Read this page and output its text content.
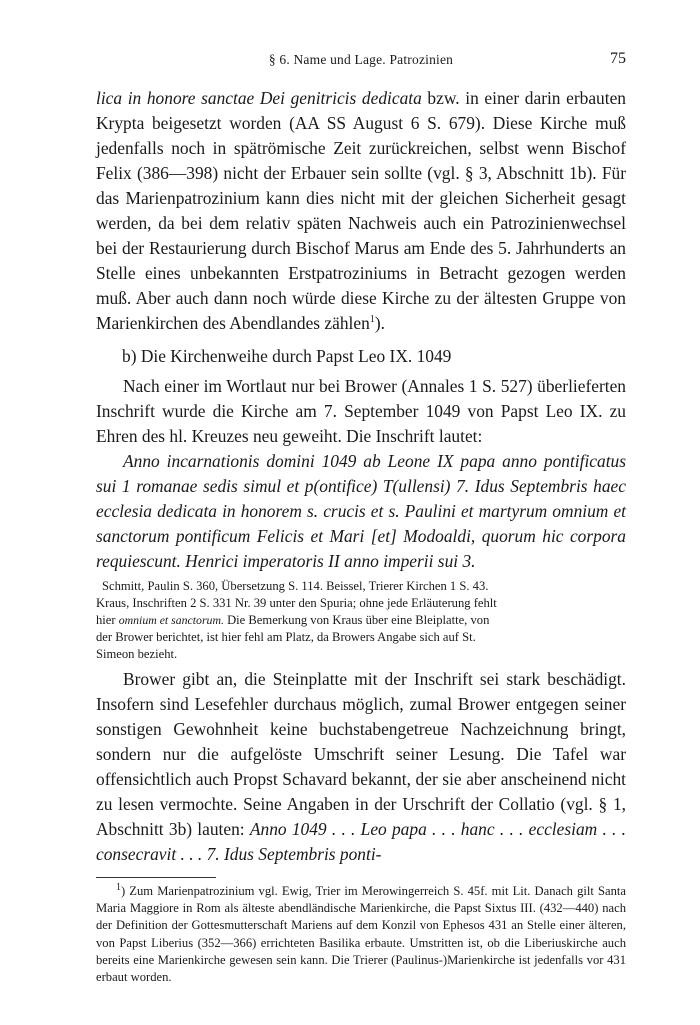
§ 6. Name und Lage. Patrozinien	75

lica in honore sanctae Dei genitricis dedicata bzw. in einer darin erbauten Krypta beigesetzt worden (AA SS August 6 S. 679). Diese Kirche muß jedenfalls noch in spätrömische Zeit zurückreichen, selbst wenn Bischof Felix (386—398) nicht der Erbauer sein sollte (vgl. § 3, Abschnitt 1b). Für das Marienpatrozinium kann dies nicht mit der gleichen Sicherheit gesagt werden, da bei dem relativ späten Nachweis auch ein Patrozinienwechsel bei der Restaurierung durch Bischof Marus am Ende des 5. Jahrhunderts an Stelle eines unbekannten Erstpatroziniums in Betracht gezogen werden muß. Aber auch dann noch würde diese Kirche zu der ältesten Gruppe von Marienkirchen des Abendlandes zählen$^1$).

b) Die Kirchenweihe durch Papst Leo IX. 1049

Nach einer im Wortlaut nur bei Brower (Annales 1 S. 527) überlieferten Inschrift wurde die Kirche am 7. September 1049 von Papst Leo IX. zu Ehren des hl. Kreuzes neu geweiht. Die Inschrift lautet:

Anno incarnationis domini 1049 ab Leone IX papa anno pontificatus sui 1 romanae sedis simul et p(ontifice) T(ullensi) 7. Idus Septembris haec ecclesia dedicata in honorem s. crucis et s. Paulini et martyrum omnium et sanctorum pontificum Felicis et Mari [et] Modoaldi, quorum hic corpora requiescunt. Henrici imperatoris II anno imperii sui 3.

Schmitt, Paulin S. 360, Übersetzung S. 114. Beissel, Trierer Kirchen 1 S. 43.
Kraus, Inschriften 2 S. 331 Nr. 39 unter den Spuria; ohne jede Erläuterung fehlt
hier omnium et sanctorum. Die Bemerkung von Kraus über eine Bleiplatte, von
der Brower berichtet, ist hier fehl am Platz, da Browers Angabe sich auf St.
Simeon bezieht.

Brower gibt an, die Steinplatte mit der Inschrift sei stark beschädigt. Insofern sind Lesefehler durchaus möglich, zumal Brower entgegen seiner sonstigen Gewohnheit keine buchstabengetreue Nachzeichnung bringt, sondern nur die aufgelöste Umschrift seiner Lesung. Die Tafel war offensichtlich auch Propst Schavard bekannt, der sie aber anscheinend nicht zu lesen vermochte. Seine Angaben in der Urschrift der Collatio (vgl. § 1, Abschnitt 3b) lauten: Anno 1049 . . . Leo papa . . . hanc . . . ecclesiam . . . consecravit . . . 7. Idus Septembris ponti-

$^1$) Zum Marienpatrozinium vgl. Ewig, Trier im Merowingerreich S. 45f. mit Lit. Danach gilt Santa Maria Maggiore in Rom als älteste abendländische Marienkirche, die Papst Sixtus III. (432—440) nach der Definition der Gottesmutterschaft Mariens auf dem Konzil von Ephesos 431 an Stelle einer älteren, von Papst Liberius (352—366) errichteten Basilika erbaute. Umstritten ist, ob die Liberiuskirche auch bereits eine Marienkirche gewesen sein kann. Die Trierer (Paulinus-)Marienkirche ist jedenfalls vor 431 erbaut worden.
